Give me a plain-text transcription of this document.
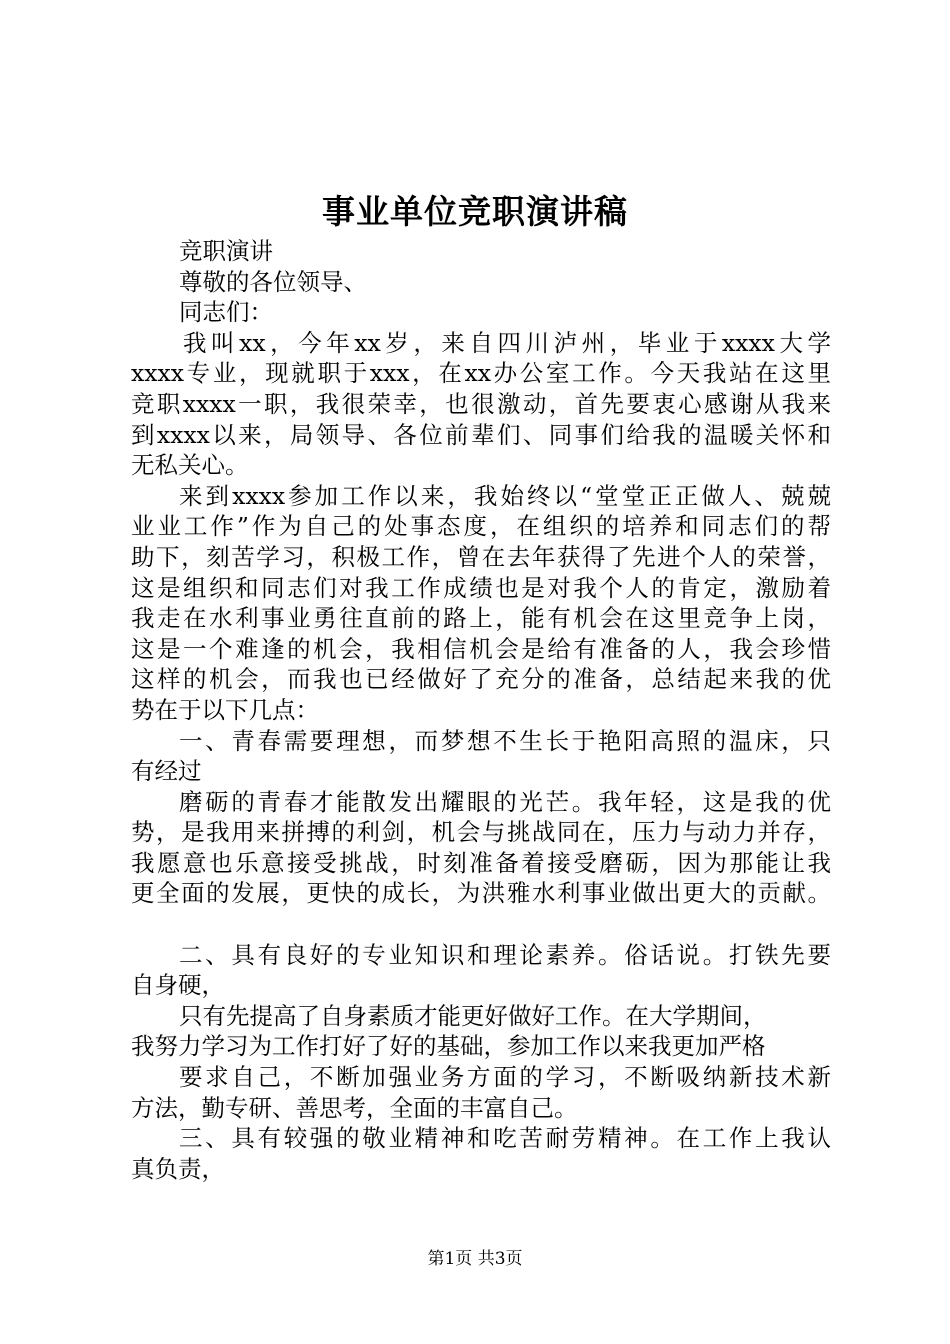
事业单位竞职演讲稿
竞职演讲
尊敬的各位领导、
同志们：
我叫xx，今年xx岁，来自四川泸州，毕业于xxxx大学
xxxx专业，现就职于xxx，在xx办公室工作。今天我站在这里
竞职xxxx一职，我很荣幸，也很激动，首先要衷心感谢从我来
到xxxx以来，局领导、各位前辈们、同事们给我的温暖关怀和
无私关心。
来到xxxx参加工作以来，我始终以“堂堂正正做人、兢兢
业业工作”作为自己的处事态度，在组织的培养和同志们的帮
助下，刻苦学习，积极工作，曾在去年获得了先进个人的荣誉，
这是组织和同志们对我工作成绩也是对我个人的肯定，激励着
我走在水利事业勇往直前的路上，能有机会在这里竞争上岗，
这是一个难逢的机会，我相信机会是给有准备的人，我会珍惜
这样的机会，而我也已经做好了充分的准备，总结起来我的优
势在于以下几点：
一、青春需要理想，而梦想不生长于艳阳高照的温床，只
有经过
磨砺的青春才能散发出耀眼的光芒。我年轻，这是我的优
势，是我用来拼搏的利剑，机会与挑战同在，压力与动力并存，
我愿意也乐意接受挑战，时刻准备着接受磨砺，因为那能让我
更全面的发展，更快的成长，为洪雅水利事业做出更大的贡献。
二、具有良好的专业知识和理论素养。俗话说。打铁先要
自身硬，
只有先提高了自身素质才能更好做好工作。在大学期间，
我努力学习为工作打好了好的基础，参加工作以来我更加严格
要求自己，不断加强业务方面的学习，不断吸纳新技术新
方法，勤专研、善思考，全面的丰富自己。
三、具有较强的敬业精神和吃苦耐劳精神。在工作上我认
真负责，
第1页 共3页
